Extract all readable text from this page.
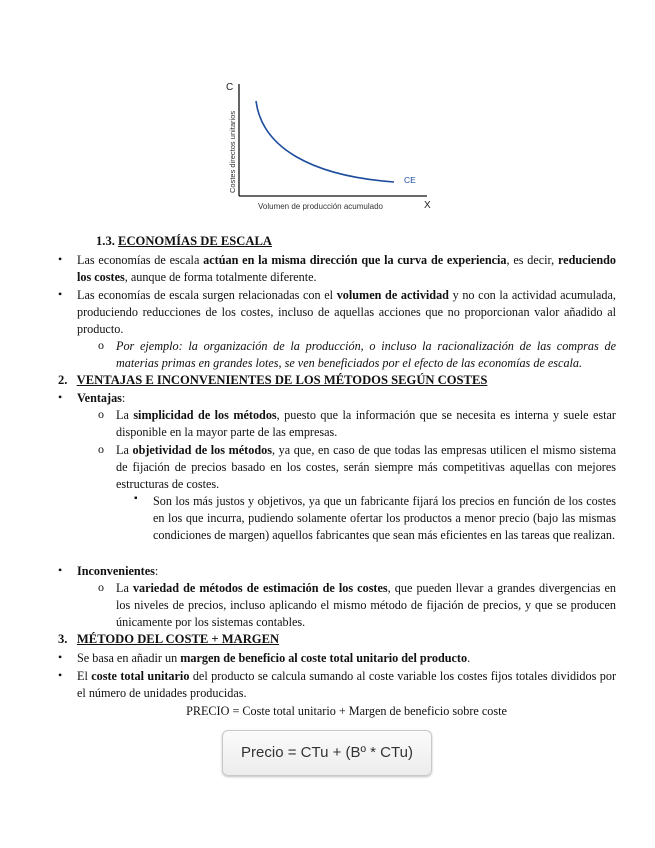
C
X
Costes directos unitarios
Volumen de producción acumulado
CE
1.3. ECONOMÍAS DE ESCALA
• Las economías de escala actúan en la misma dirección que la curva de experiencia, es decir, reduciendo los costes, aunque de forma totalmente diferente.
• Las economías de escala surgen relacionadas con el volumen de actividad y no con la actividad acumulada, produciendo reducciones de los costes, incluso de aquellas acciones que no proporcionan valor añadido al producto.
o Por ejemplo: la organización de la producción, o incluso la racionalización de las compras de materias primas en grandes lotes, se ven beneficiados por el efecto de las economías de escala.
2. VENTAJAS E INCONVENIENTES DE LOS MÉTODOS SEGÚN COSTES
• Ventajas:
o La simplicidad de los métodos, puesto que la información que se necesita es interna y suele estar disponible en la mayor parte de las empresas.
o La objetividad de los métodos, ya que, en caso de que todas las empresas utilicen el mismo sistema de fijación de precios basado en los costes, serán siempre más competitivas aquellas con mejores estructuras de costes.
▪ Son los más justos y objetivos, ya que un fabricante fijará los precios en función de los costes en los que incurra, pudiendo solamente ofertar los productos a menor precio (bajo las mismas condiciones de margen) aquellos fabricantes que sean más eficientes en las tareas que realizan.
• Inconvenientes:
o La variedad de métodos de estimación de los costes, que pueden llevar a grandes divergencias en los niveles de precios, incluso aplicando el mismo método de fijación de precios, y que se producen únicamente por los sistemas contables.
3. MÉTODO DEL COSTE + MARGEN
• Se basa en añadir un margen de beneficio al coste total unitario del producto.
• El coste total unitario del producto se calcula sumando al coste variable los costes fijos totales divididos por el número de unidades producidas.
PRECIO = Coste total unitario + Margen de beneficio sobre coste
Precio = CTu + (Bº * CTu)
